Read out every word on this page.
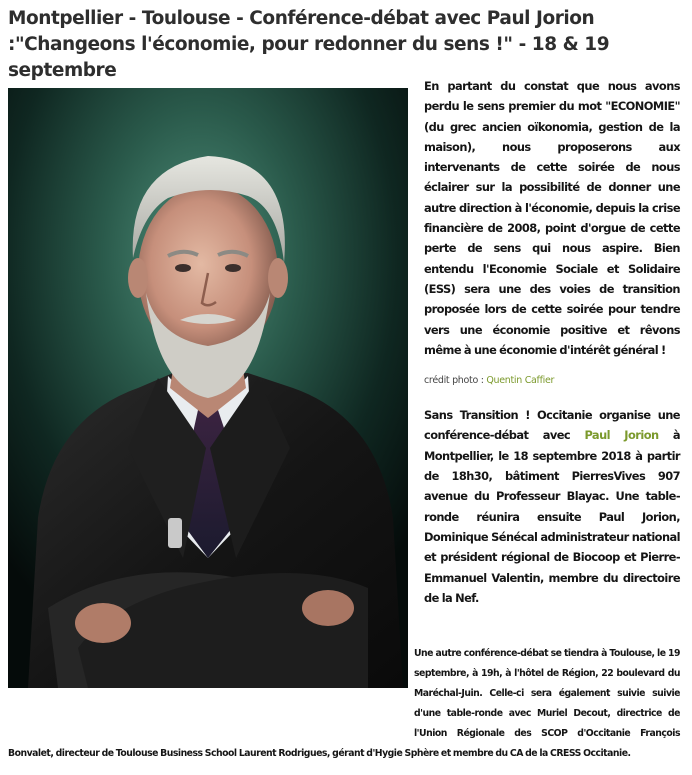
Montpellier - Toulouse - Conférence-débat avec Paul Jorion :"Changeons l'économie, pour redonner du sens !" - 18 & 19 septembre

En partant du constat que nous avons perdu le sens premier du mot "ECONOMIE" (du grec ancien oïkonomia, gestion de la maison), nous proposerons aux intervenants de cette soirée de nous éclairer sur la possibilité de donner une autre direction à l'économie, depuis la crise financière de 2008, point d'orgue de cette perte de sens qui nous aspire. Bien entendu l'Economie Sociale et Solidaire (ESS) sera une des voies de transition proposée lors de cette soirée pour tendre vers une économie positive et rêvons même à une économie d'intérêt général !

crédit photo : Quentin Caffier

Sans Transition ! Occitanie organise une conférence-débat avec Paul Jorion à Montpellier, le 18 septembre 2018 à partir de 18h30, bâtiment PierresVives 907 avenue du Professeur Blayac. Une table-ronde réunira ensuite Paul Jorion, Dominique Sénécal administrateur national et président régional de Biocoop et Pierre-Emmanuel Valentin, membre du directoire de la Nef.

Une autre conférence-débat se tiendra à Toulouse, le 19 septembre, à 19h, à l'hôtel de Région, 22 boulevard du Maréchal-Juin. Celle-ci sera également suivie suivie d'une table-ronde avec Muriel Decout, directrice de l'Union Régionale des SCOP d'Occitanie François Bonvalet, directeur de Toulouse Business School Laurent Rodrigues, gérant d'Hygie Sphère et membre du CA de la CRESS Occitanie.
